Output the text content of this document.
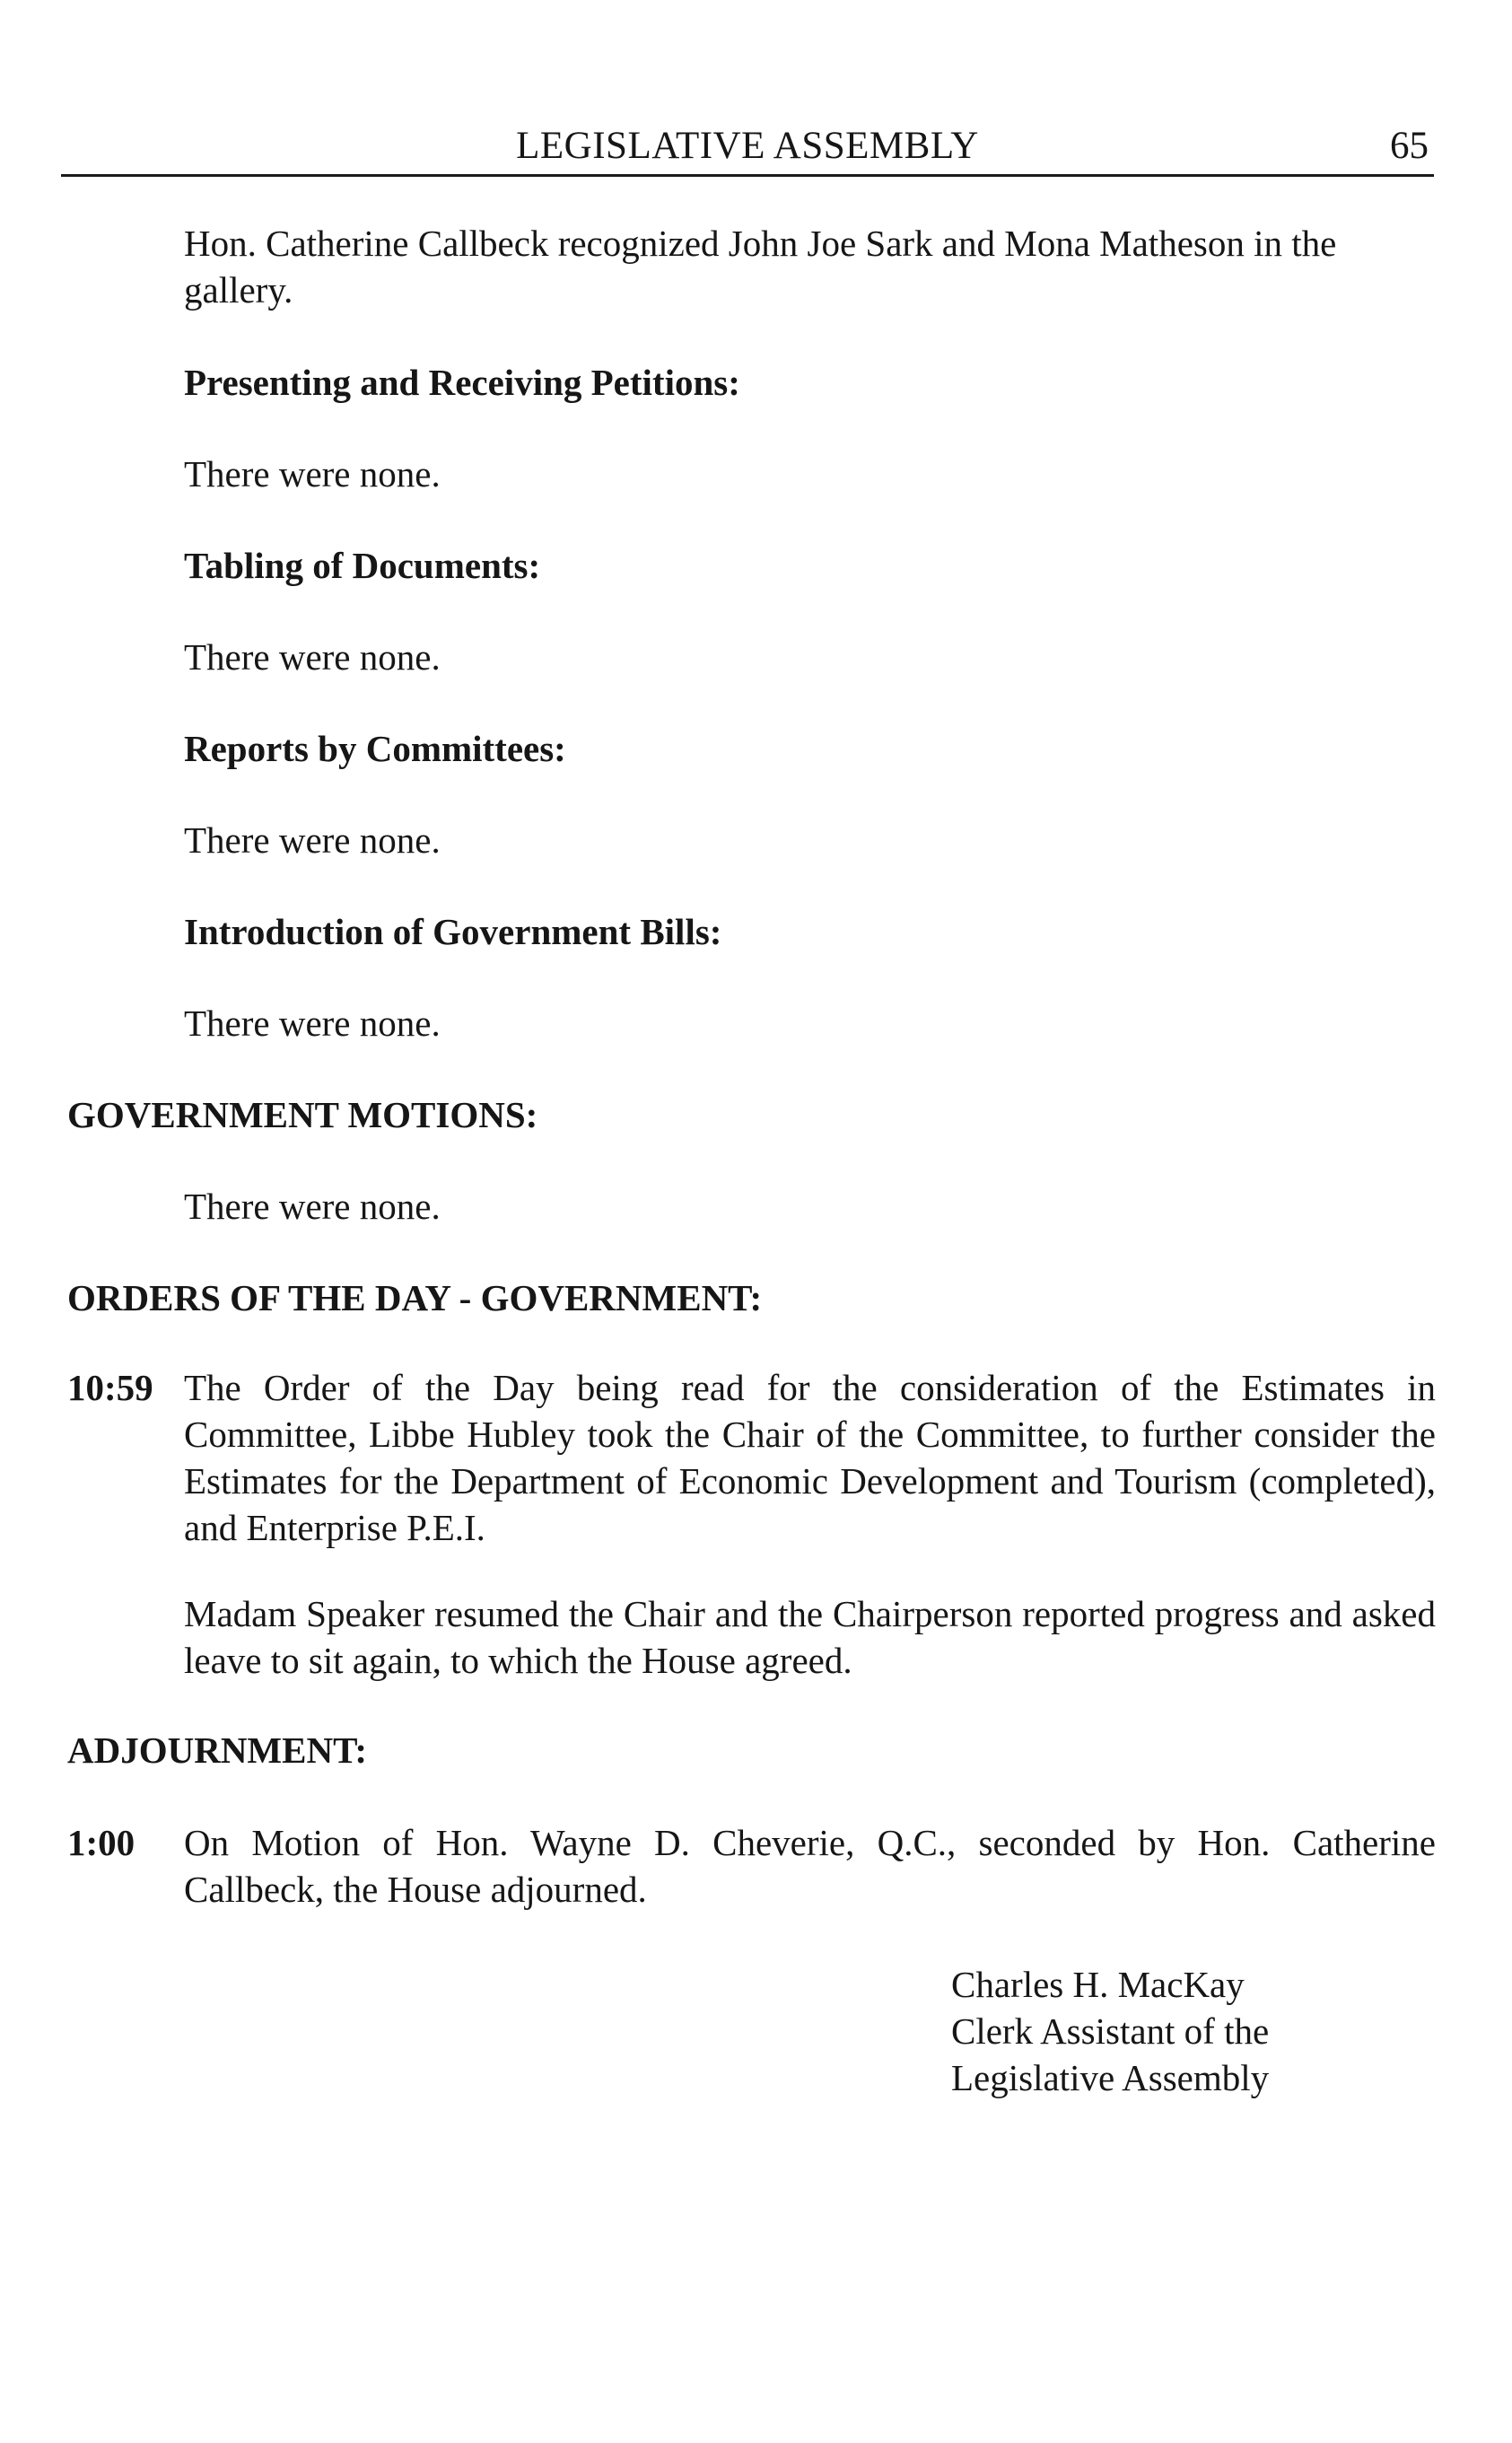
LEGISLATIVE ASSEMBLY	65

Hon. Catherine Callbeck recognized John Joe Sark and Mona Matheson in the gallery.

Presenting and Receiving Petitions:

There were none.

Tabling of Documents:

There were none.

Reports by Committees:

There were none.

Introduction of Government Bills:

There were none.

GOVERNMENT MOTIONS:

There were none.

ORDERS OF THE DAY - GOVERNMENT:

10:59 The Order of the Day being read for the consideration of the Estimates in Committee, Libbe Hubley took the Chair of the Committee, to further consider the Estimates for the Department of Economic Development and Tourism (completed), and Enterprise P.E.I.

Madam Speaker resumed the Chair and the Chairperson reported progress and asked leave to sit again, to which the House agreed.

ADJOURNMENT:

1:00 On Motion of Hon. Wayne D. Cheverie, Q.C., seconded by Hon. Catherine Callbeck, the House adjourned.

Charles H. MacKay
Clerk Assistant of the
Legislative Assembly
